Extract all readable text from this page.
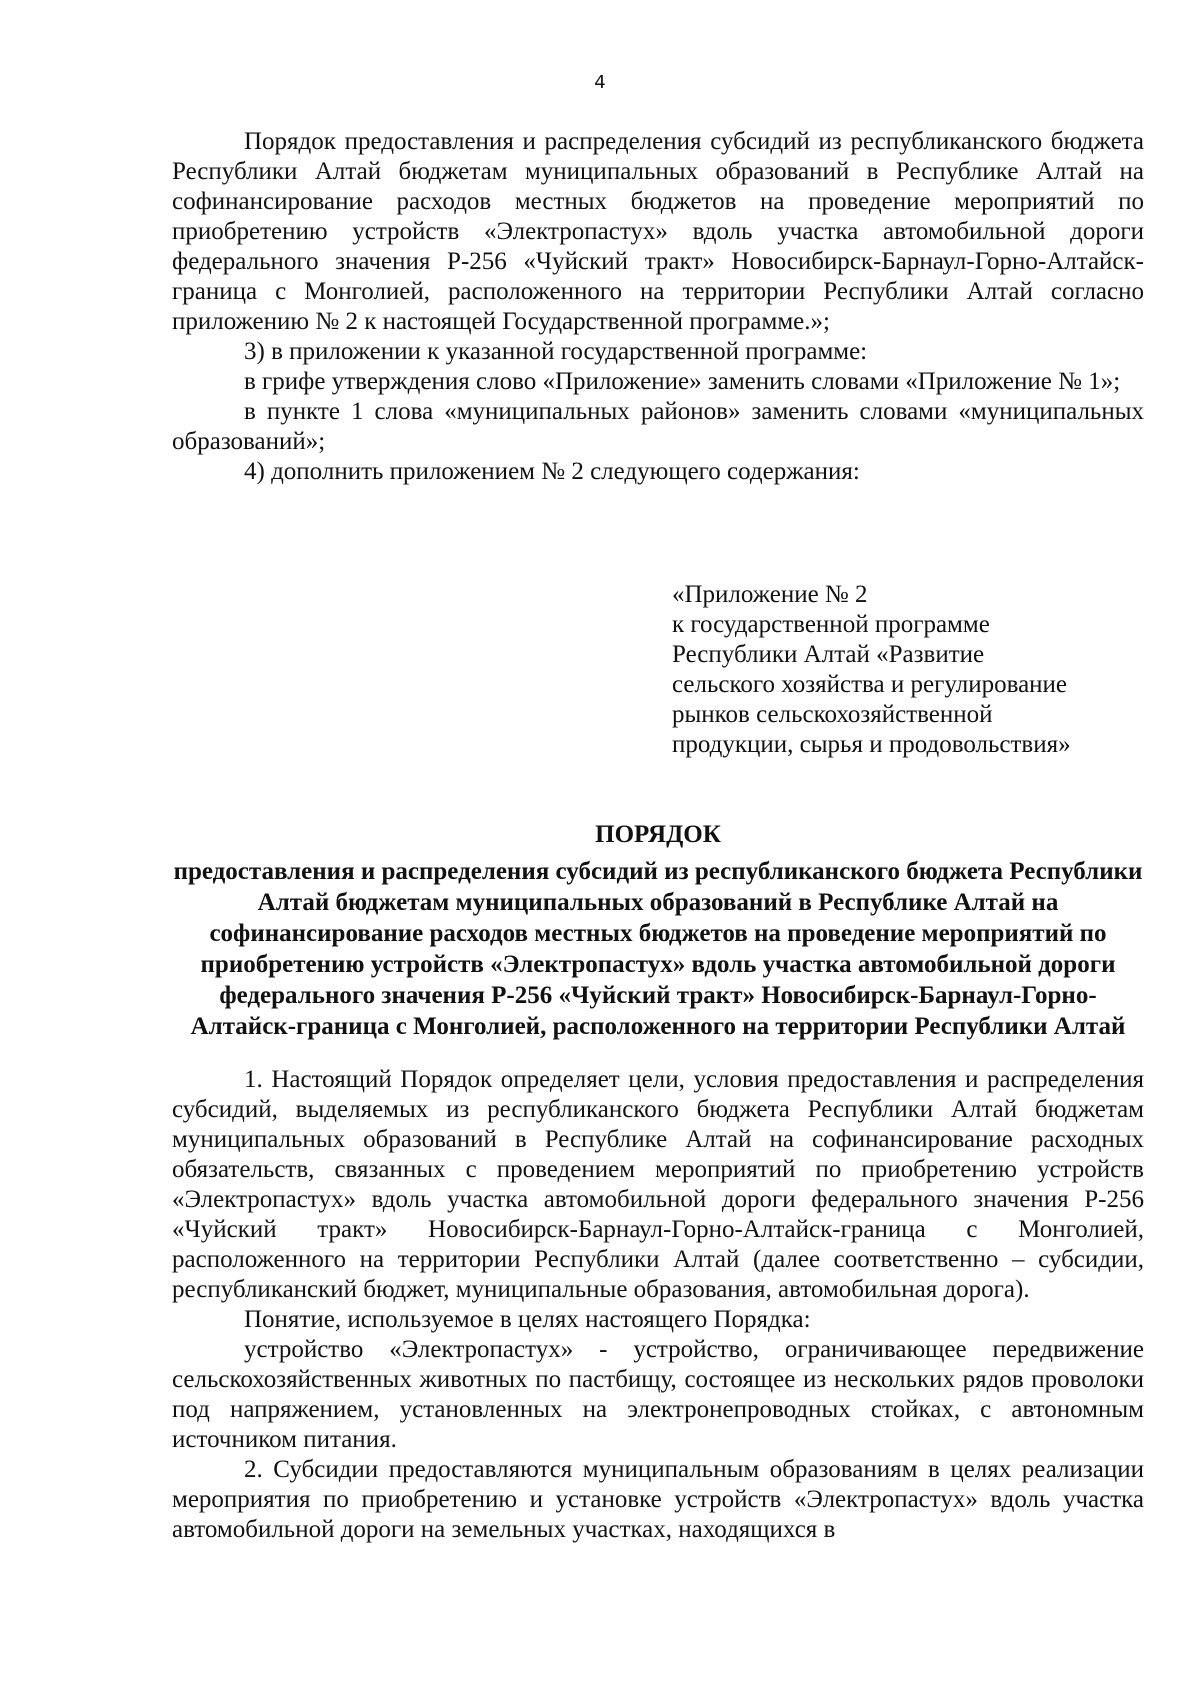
4

Порядок предоставления и распределения субсидий из республиканского бюджета Республики Алтай бюджетам муниципальных образований в Республике Алтай на софинансирование расходов местных бюджетов на проведение мероприятий по приобретению устройств «Электропастух» вдоль участка автомобильной дороги федерального значения Р-256 «Чуйский тракт» Новосибирск-Барнаул-Горно-Алтайск-граница с Монголией, расположенного на территории Республики Алтай согласно приложению № 2 к настоящей Государственной программе.»;

3) в приложении к указанной государственной программе:

в грифе утверждения слово «Приложение» заменить словами «Приложение № 1»;

в пункте 1 слова «муниципальных районов» заменить словами «муниципальных образований»;

4) дополнить приложением № 2 следующего содержания:

«Приложение № 2
к государственной программе
Республики Алтай «Развитие
сельского хозяйства и регулирование
рынков сельскохозяйственной
продукции, сырья и продовольствия»
ПОРЯДОК
предоставления и распределения субсидий из республиканского бюджета Республики Алтай бюджетам муниципальных образований в Республике Алтай на софинансирование расходов местных бюджетов на проведение мероприятий по приобретению устройств «Электропастух» вдоль участка автомобильной дороги федерального значения Р-256 «Чуйский тракт» Новосибирск-Барнаул-Горно-Алтайск-граница с Монголией, расположенного на территории Республики Алтай

1. Настоящий Порядок определяет цели, условия предоставления и распределения субсидий, выделяемых из республиканского бюджета Республики Алтай бюджетам муниципальных образований в Республике Алтай на софинансирование расходных обязательств, связанных с проведением мероприятий по приобретению устройств «Электропастух» вдоль участка автомобильной дороги федерального значения Р-256 «Чуйский тракт» Новосибирск-Барнаул-Горно-Алтайск-граница с Монголией, расположенного на территории Республики Алтай (далее соответственно – субсидии, республиканский бюджет, муниципальные образования, автомобильная дорога).

Понятие, используемое в целях настоящего Порядка:

устройство «Электропастух» - устройство, ограничивающее передвижение сельскохозяйственных животных по пастбищу, состоящее из нескольких рядов проволоки под напряжением, установленных на электронепроводных стойках, с автономным источником питания.

2. Субсидии предоставляются муниципальным образованиям в целях реализации мероприятия по приобретению и установке устройств «Электропастух» вдоль участка автомобильной дороги на земельных участках, находящихся в
